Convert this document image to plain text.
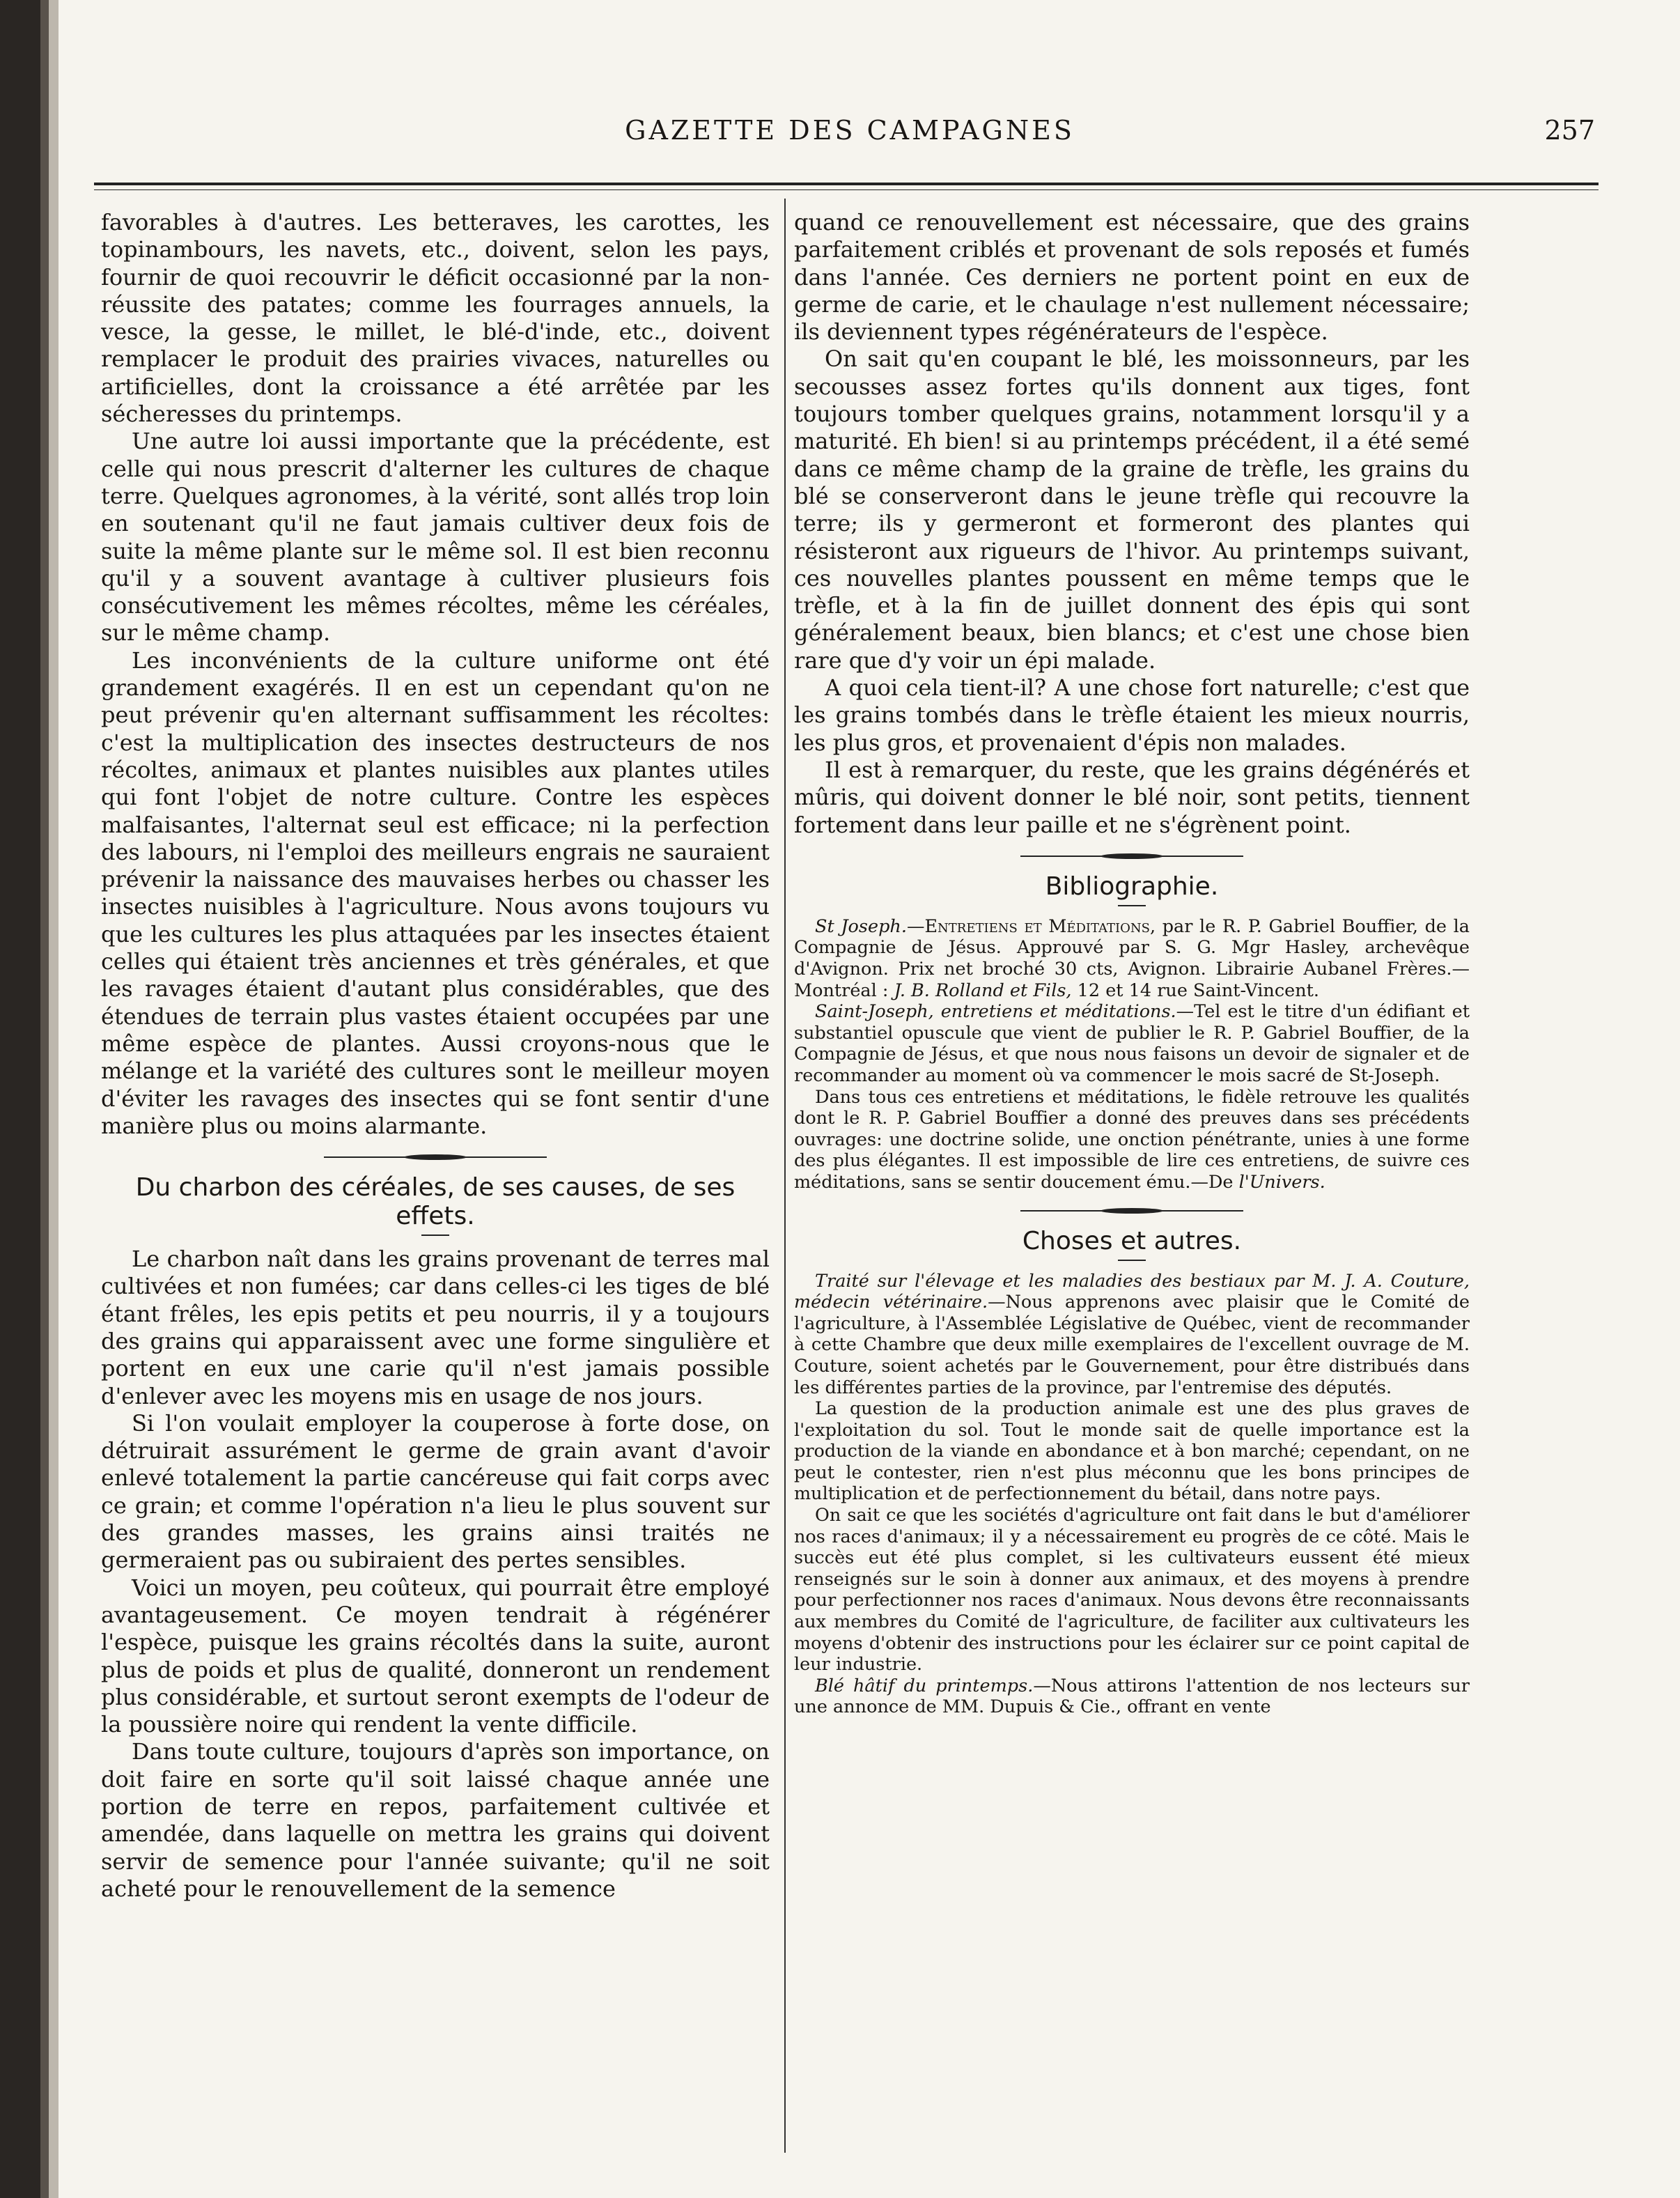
GAZETTE DES CAMPAGNES	257

favorables à d'autres. Les betteraves, les carottes, les topinambours, les navets, etc., doivent, selon les pays, fournir de quoi recouvrir le déficit occasionné par la non-réussite des patates; comme les fourrages annuels, la vesce, la gesse, le millet, le blé-d'inde, etc., doivent remplacer le produit des prairies vivaces, naturelles ou artificielles, dont la croissance a été arrêtée par les sécheresses du printemps.

Une autre loi aussi importante que la précédente, est celle qui nous prescrit d'alterner les cultures de chaque terre. Quelques agronomes, à la vérité, sont allés trop loin en soutenant qu'il ne faut jamais cultiver deux fois de suite la même plante sur le même sol. Il est bien reconnu qu'il y a souvent avantage à cultiver plusieurs fois consécutivement les mêmes récoltes, même les céréales, sur le même champ.

Les inconvénients de la culture uniforme ont été grandement exagérés. Il en est un cependant qu'on ne peut prévenir qu'en alternant suffisamment les récoltes: c'est la multiplication des insectes destructeurs de nos récoltes, animaux et plantes nuisibles aux plantes utiles qui font l'objet de notre culture. Contre les espèces malfaisantes, l'alternat seul est efficace; ni la perfection des labours, ni l'emploi des meilleurs engrais ne sauraient prévenir la naissance des mauvaises herbes ou chasser les insectes nuisibles à l'agriculture. Nous avons toujours vu que les cultures les plus attaquées par les insectes étaient celles qui étaient très anciennes et très générales, et que les ravages étaient d'autant plus considérables, que des étendues de terrain plus vastes étaient occupées par une même espèce de plantes. Aussi croyons-nous que le mélange et la variété des cultures sont le meilleur moyen d'éviter les ravages des insectes qui se font sentir d'une manière plus ou moins alarmante.

Du charbon des céréales, de ses causes, de ses effets.

Le charbon naît dans les grains provenant de terres mal cultivées et non fumées; car dans celles-ci les tiges de blé étant frêles, les epis petits et peu nourris, il y a toujours des grains qui apparaissent avec une forme singulière et portent en eux une carie qu'il n'est jamais possible d'enlever avec les moyens mis en usage de nos jours.

Si l'on voulait employer la couperose à forte dose, on détruirait assurément le germe de grain avant d'avoir enlevé totalement la partie cancéreuse qui fait corps avec ce grain; et comme l'opération n'a lieu le plus souvent sur des grandes masses, les grains ainsi traités ne germeraient pas ou subiraient des pertes sensibles.

Voici un moyen, peu coûteux, qui pourrait être employé avantageusement. Ce moyen tendrait à régénérer l'espèce, puisque les grains récoltés dans la suite, auront plus de poids et plus de qualité, donneront un rendement plus considérable, et surtout seront exempts de l'odeur de la poussière noire qui rendent la vente difficile.

Dans toute culture, toujours d'après son importance, on doit faire en sorte qu'il soit laissé chaque année une portion de terre en repos, parfaitement cultivée et amendée, dans laquelle on mettra les grains qui doivent servir de semence pour l'année suivante; qu'il ne soit acheté pour le renouvellement de la semence

quand ce renouvellement est nécessaire, que des grains parfaitement criblés et provenant de sols reposés et fumés dans l'année. Ces derniers ne portent point en eux de germe de carie, et le chaulage n'est nullement nécessaire; ils deviennent types régénérateurs de l'espèce.

On sait qu'en coupant le blé, les moissonneurs, par les secousses assez fortes qu'ils donnent aux tiges, font toujours tomber quelques grains, notamment lorsqu'il y a maturité. Eh bien! si au printemps précédent, il a été semé dans ce même champ de la graine de trèfle, les grains du blé se conserveront dans le jeune trèfle qui recouvre la terre; ils y germeront et formeront des plantes qui résisteront aux rigueurs de l'hivor. Au printemps suivant, ces nouvelles plantes poussent en même temps que le trèfle, et à la fin de juillet donnent des épis qui sont généralement beaux, bien blancs; et c'est une chose bien rare que d'y voir un épi malade.

A quoi cela tient-il? A une chose fort naturelle; c'est que les grains tombés dans le trèfle étaient les mieux nourris, les plus gros, et provenaient d'épis non malades.

Il est à remarquer, du reste, que les grains dégénérés et mûris, qui doivent donner le blé noir, sont petits, tiennent fortement dans leur paille et ne s'égrènent point.

Bibliographie.

St Joseph.—Entretiens et Méditations, par le R. P. Gabriel Bouffier, de la Compagnie de Jésus. Approuvé par S. G. Mgr Hasley, archevêque d'Avignon. Prix net broché 30 cts, Avignon. Librairie Aubanel Frères.—Montréal : J. B. Rolland et Fils, 12 et 14 rue Saint-Vincent.

Saint-Joseph, entretiens et méditations.—Tel est le titre d'un édifiant et substantiel opuscule que vient de publier le R. P. Gabriel Bouffier, de la Compagnie de Jésus, et que nous nous faisons un devoir de signaler et de recommander au moment où va commencer le mois sacré de St-Joseph.

Dans tous ces entretiens et méditations, le fidèle retrouve les qualités dont le R. P. Gabriel Bouffier a donné des preuves dans ses précédents ouvrages: une doctrine solide, une onction pénétrante, unies à une forme des plus élégantes. Il est impossible de lire ces entretiens, de suivre ces méditations, sans se sentir doucement ému.—De l'Univers.

Choses et autres.

Traité sur l'élevage et les maladies des bestiaux par M. J. A. Couture, médecin vétérinaire.—Nous apprenons avec plaisir que le Comité de l'agriculture, à l'Assemblée Législative de Québec, vient de recommander à cette Chambre que deux mille exemplaires de l'excellent ouvrage de M. Couture, soient achetés par le Gouvernement, pour être distribués dans les différentes parties de la province, par l'entremise des députés.

La question de la production animale est une des plus graves de l'exploitation du sol. Tout le monde sait de quelle importance est la production de la viande en abondance et à bon marché; cependant, on ne peut le contester, rien n'est plus méconnu que les bons principes de multiplication et de perfectionnement du bétail, dans notre pays.

On sait ce que les sociétés d'agriculture ont fait dans le but d'améliorer nos races d'animaux; il y a nécessairement eu progrès de ce côté. Mais le succès eut été plus complet, si les cultivateurs eussent été mieux renseignés sur le soin à donner aux animaux, et des moyens à prendre pour perfectionner nos races d'animaux. Nous devons être reconnaissants aux membres du Comité de l'agriculture, de faciliter aux cultivateurs les moyens d'obtenir des instructions pour les éclairer sur ce point capital de leur industrie.

Blé hâtif du printemps.—Nous attirons l'attention de nos lecteurs sur une annonce de MM. Dupuis & Cie., offrant en vente
